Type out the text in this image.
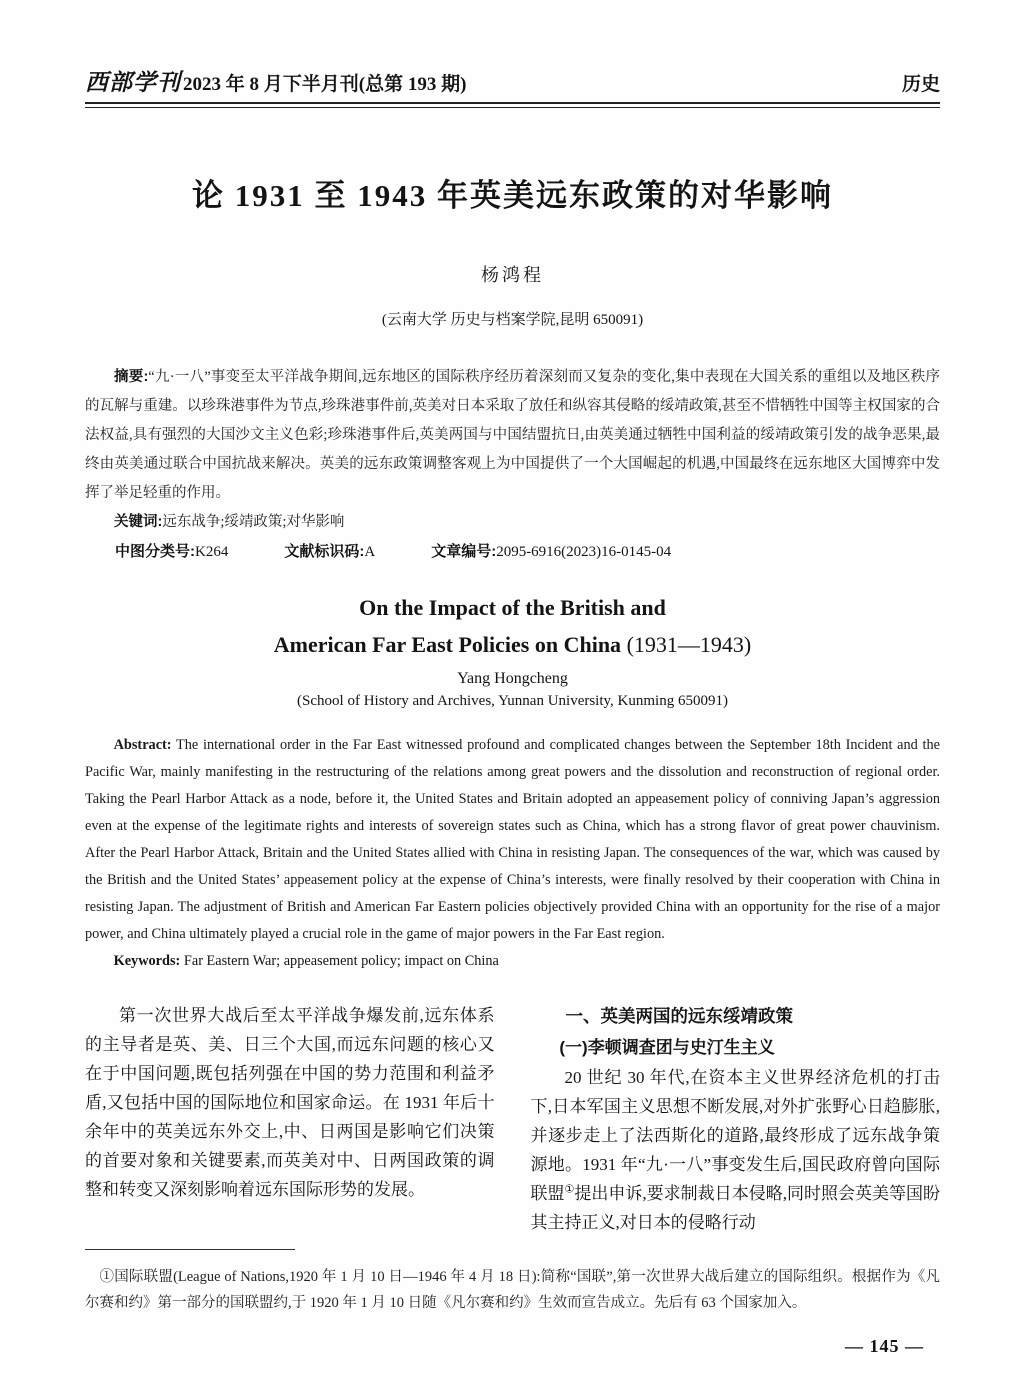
西部学刊 2023 年 8 月下半月刊(总第 193 期)	历史
论 1931 至 1943 年英美远东政策的对华影响
杨鸿程
(云南大学 历史与档案学院,昆明 650091)

摘要:“九·一八”事变至太平洋战争期间,远东地区的国际秩序经历着深刻而又复杂的变化,集中表现在大国关系的重组以及地区秩序的瓦解与重建。以珍珠港事件为节点,珍珠港事件前,英美对日本采取了放任和纵容其侵略的绥靖政策,甚至不惜牺牲中国等主权国家的合法权益,具有强烈的大国沙文主义色彩;珍珠港事件后,英美两国与中国结盟抗日,由英美通过牺牲中国利益的绥靖政策引发的战争恶果,最终由英美通过联合中国抗战来解决。英美的远东政策调整客观上为中国提供了一个大国崛起的机遇,中国最终在远东地区大国博弈中发挥了举足轻重的作用。

关键词:远东战争;绥靖政策;对华影响

中图分类号:K264	文献标识码:A	文章编号:2095-6916(2023)16-0145-04

On the Impact of the British and
American Far East Policies on China (1931—1943)
Yang Hongcheng
(School of History and Archives, Yunnan University, Kunming 650091)

Abstract: The international order in the Far East witnessed profound and complicated changes between the September 18th Incident and the Pacific War, mainly manifesting in the restructuring of the relations among great powers and the dissolution and reconstruction of regional order. Taking the Pearl Harbor Attack as a node, before it, the United States and Britain adopted an appeasement policy of conniving Japan’s aggression even at the expense of the legitimate rights and interests of sovereign states such as China, which has a strong flavor of great power chauvinism. After the Pearl Harbor Attack, Britain and the United States allied with China in resisting Japan. The consequences of the war, which was caused by the British and the United States’ appeasement policy at the expense of China’s interests, were finally resolved by their cooperation with China in resisting Japan. The adjustment of British and American Far Eastern policies objectively provided China with an opportunity for the rise of a major power, and China ultimately played a crucial role in the game of major powers in the Far East region.

Keywords: Far Eastern War; appeasement policy; impact on China

第一次世界大战后至太平洋战争爆发前,远东体系的主导者是英、美、日三个大国,而远东问题的核心又在于中国问题,既包括列强在中国的势力范围和利益矛盾,又包括中国的国际地位和国家命运。在 1931 年后十余年中的英美远东外交上,中、日两国是影响它们决策的首要对象和关键要素,而英美对中、日两国政策的调整和转变又深刻影响着远东国际形势的发展。

一、英美两国的远东绥靖政策

(一)李顿调查团与史汀生主义

20 世纪 30 年代,在资本主义世界经济危机的打击下,日本军国主义思想不断发展,对外扩张野心日趋膨胀,并逐步走上了法西斯化的道路,最终形成了远东战争策源地。1931 年“九·一八”事变发生后,国民政府曾向国际联盟①提出申诉,要求制裁日本侵略,同时照会英美等国盼其主持正义,对日本的侵略行动

①国际联盟(League of Nations,1920 年 1 月 10 日—1946 年 4 月 18 日):简称“国联”,第一次世界大战后建立的国际组织。根据作为《凡尔赛和约》第一部分的国联盟约,于 1920 年 1 月 10 日随《凡尔赛和约》生效而宣告成立。先后有 63 个国家加入。

— 145 —
